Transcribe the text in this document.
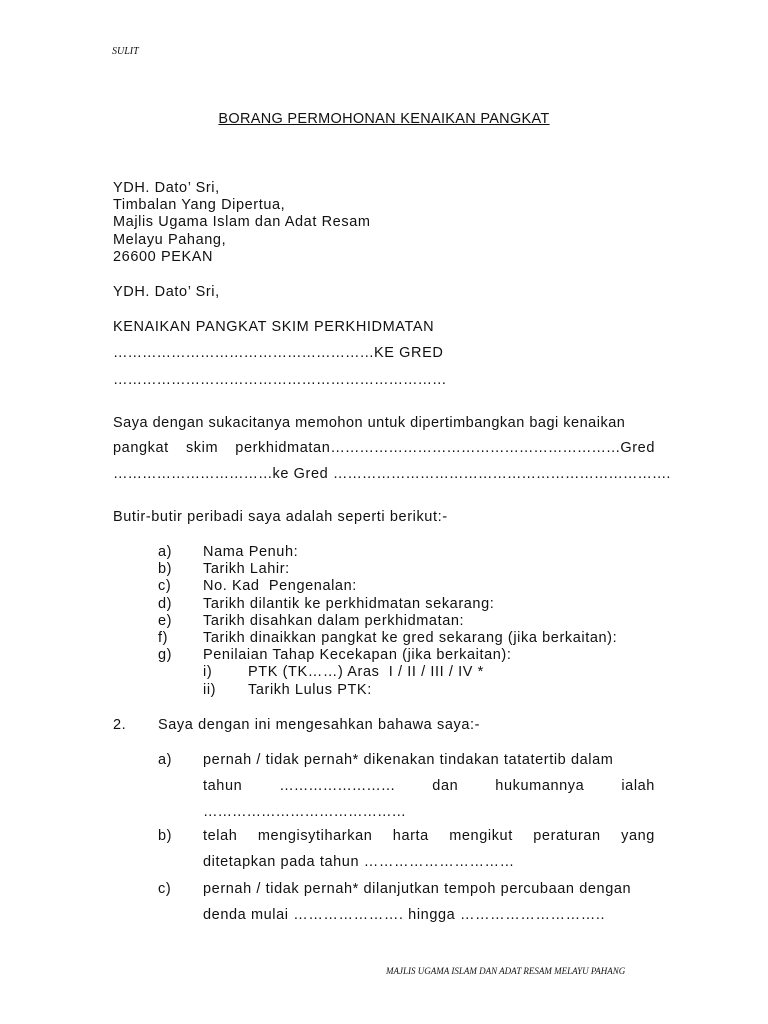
SULIT
BORANG PERMOHONAN KENAIKAN PANGKAT
YDH. Dato’ Sri,
Timbalan Yang Dipertua,
Majlis Ugama Islam dan Adat Resam
Melayu Pahang,
26600 PEKAN
YDH. Dato’ Sri,
KENAIKAN PANGKAT SKIM PERKHIDMATAN
………………………………………………KE GRED
……………………………………………………………
Saya dengan sukacitanya memohon untuk dipertimbangkan bagi kenaikan
pangkat skim perkhidmatan……………………………………………………Gred
……………………………ke Gred …………………………………………………………….
Butir-butir peribadi saya adalah seperti berikut:-
a) Nama Penuh:
b) Tarikh Lahir:
c) No. Kad  Pengenalan:
d) Tarikh dilantik ke perkhidmatan sekarang:
e) Tarikh disahkan dalam perkhidmatan:
f) Tarikh dinaikkan pangkat ke gred sekarang (jika berkaitan):
g) Penilaian Tahap Kecekapan (jika berkaitan):
i) PTK (TK……) Aras  I / II / III / IV *
ii) Tarikh Lulus PTK:
2. Saya dengan ini mengesahkan bahawa saya:-
a) pernah / tidak pernah* dikenakan tindakan tatatertib dalam
tahun	……………………	dan	hukumannya	ialah
……………………………………
b) telah mengisytiharkan harta mengikut peraturan yang
ditetapkan pada tahun …………………………
c) pernah / tidak pernah* dilanjutkan tempoh percubaan dengan
denda mulai …………………. hingga ………………………..
MAJLIS UGAMA ISLAM DAN ADAT RESAM MELAYU PAHANG
